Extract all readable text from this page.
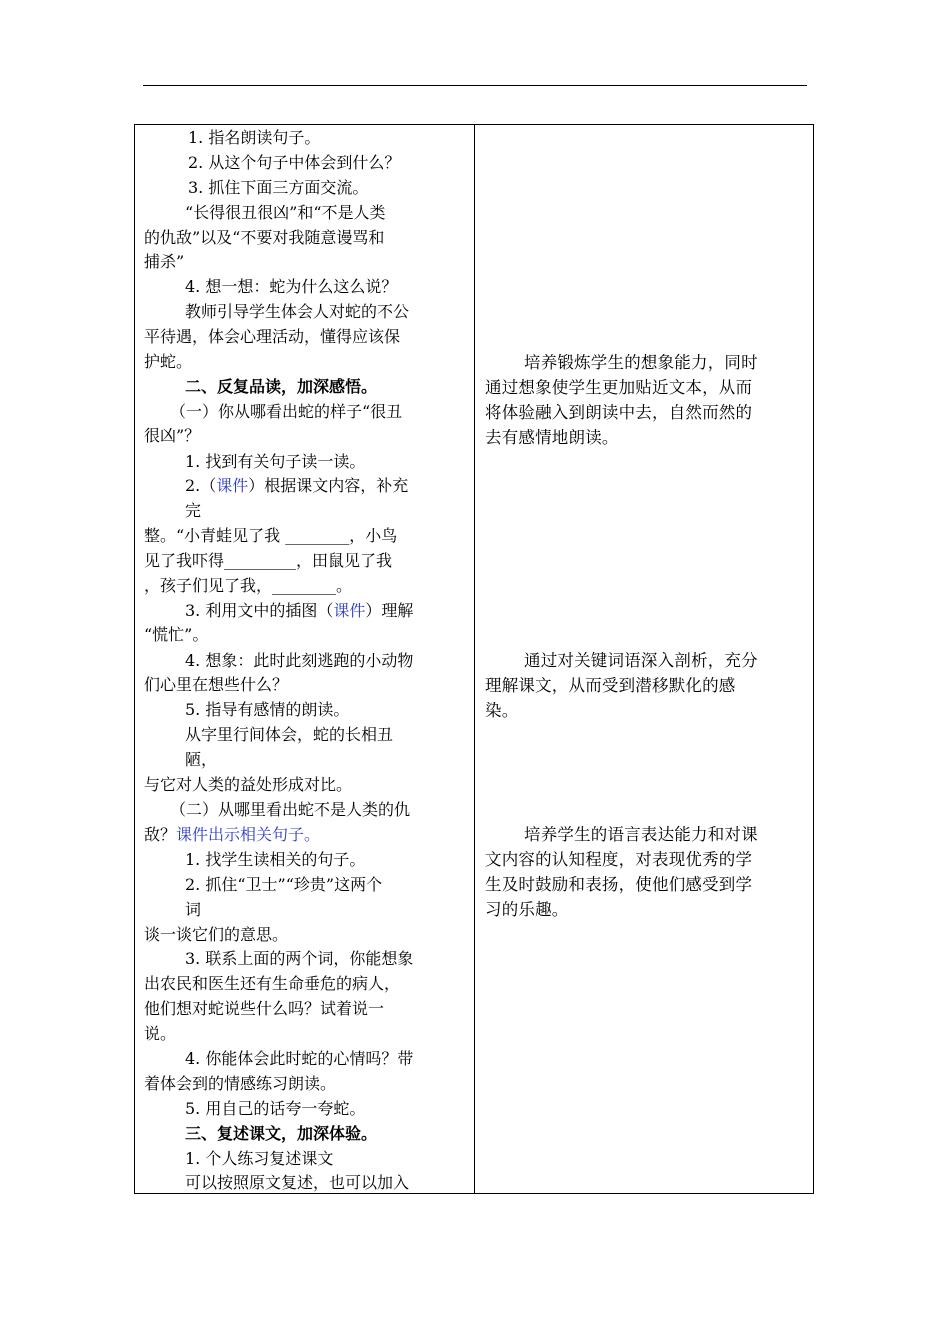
1. 指名朗读句子。
2. 从这个句子中体会到什么？
3. 抓住下面三方面交流。
“长得很丑很凶”和“不是人类
的仇敌”以及“不要对我随意谩骂和
捕杀”
4. 想一想：蛇为什么这么说？
教师引导学生体会人对蛇的不公
平待遇，体会心理活动，懂得应该保
护蛇。
二、反复品读，加深感悟。
（一）你从哪看出蛇的样子“很丑
很凶”？
1. 找到有关句子读一读。
2.（课件）根据课文内容，补充
完
整。“小青蛙见了我 ________，小鸟
见了我吓得_________，田鼠见了我
，孩子们见了我，________。
3. 利用文中的插图（课件）理解
“慌忙”。
4. 想象：此时此刻逃跑的小动物
们心里在想些什么？
5. 指导有感情的朗读。
从字里行间体会，蛇的长相丑
陋，
与它对人类的益处形成对比。
（二）从哪里看出蛇不是人类的仇
敌？课件出示相关句子。
1. 找学生读相关的句子。
2. 抓住“卫士”“珍贵”这两个
词
谈一谈它们的意思。
3. 联系上面的两个词，你能想象
出农民和医生还有生命垂危的病人，
他们想对蛇说些什么吗？试着说一
说。
4. 你能体会此时蛇的心情吗？带
着体会到的情感练习朗读。
5. 用自己的话夸一夸蛇。
三、复述课文，加深体验。
1. 个人练习复述课文
可以按照原文复述，也可以加入
培养锻炼学生的想象能力，同时
通过想象使学生更加贴近文本，从而
将体验融入到朗读中去，自然而然的
去有感情地朗读。
通过对关键词语深入剖析，充分
理解课文，从而受到潜移默化的感
染。
培养学生的语言表达能力和对课
文内容的认知程度，对表现优秀的学
生及时鼓励和表扬，使他们感受到学
习的乐趣。
